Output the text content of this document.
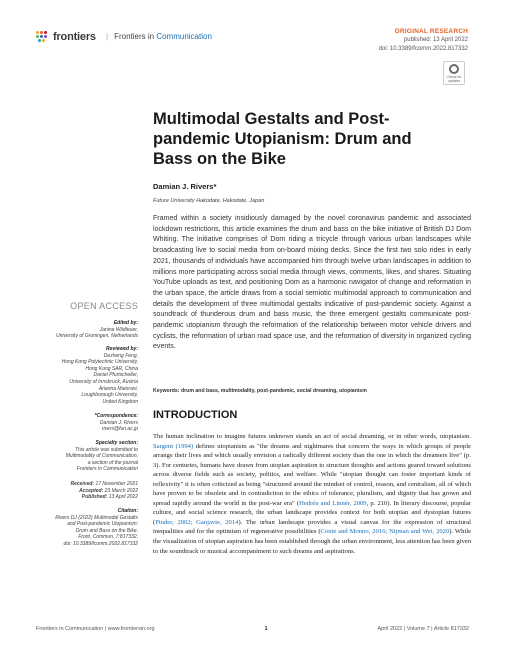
frontiers | Frontiers in Communication
ORIGINAL RESEARCH
published: 13 April 2022
doi: 10.3389/fcomm.2022.817332
Check for updates
Multimodal Gestalts and Post-pandemic Utopianism: Drum and Bass on the Bike
Damian J. Rivers*
Future University Hakodate, Hakodate, Japan
Framed within a society insidiously damaged by the novel coronavirus pandemic and associated lockdown restrictions, this article examines the drum and bass on the bike initiative of British DJ Dom Whiting. The initiative comprises of Dom riding a tricycle through various urban landscapes while broadcasting live to social media from on-board mixing decks. Since the first two solo rides in early 2021, thousands of individuals have accompanied him through twelve urban landscapes in addition to millions more participating across social media through views, comments, likes, and shares. Situating YouTube uploads as text, and positioning Dom as a harmonic navigator of change and reformation in the urban space, the article draws from a social semiotic multimodal approach to communication and details the development of three multimodal gestalts indicative of post-pandemic society. Against a soundtrack of thunderous drum and bass music, the three emergent gestalts communicate post-pandemic utopianism through the reformation of the relationship between motor vehicle drivers and cyclists, the reformation of urban road space use, and the reformation of diversity in organized cycling events.
Keywords: drum and bass, multimodality, post-pandemic, social dreaming, utopianism
INTRODUCTION
The human inclination to imagine futures unknown stands an act of social dreaming, or in other words, utopianism. Sargent (1994) defines utopianism as "the dreams and nightmares that concern the ways in which groups of people arrange their lives and which usually envision a radically different society than the one in which the dreamers live" (p. 3). For centuries, humans have drawn from utopian aspiration to structure thoughts and actions geared toward solutions across diverse fields such as society, politics, and welfare. While "utopian thought can foster important kinds of reflexivity" it is often criticized as being "structured around the mindset of control, reason, and centralism, all of which have proven to be obsolete and in contradiction to the ethics of tolerance, pluralism, and dignity that has grown and spread rapidly around the world in the post-war era" (Hedrén and Linnér, 2009, p. 210). In literary discourse, popular culture, and social science research, the urban landscape provides context for both utopian and dystopian futures (Pinder, 2002; Ganjavie, 2014). The urban landscape provides a visual canvas for the expression of structural inequalities and for the optimism of regenerative possibilities (Conte and Monno, 2016; Nijman and Wei, 2020). While the visualization of utopian aspiration has been established through the urban environment, less attention has been given to the soundtrack or musical accompaniment to such dreams and aspirations.
OPEN ACCESS
Edited by:
Janina Wildfeuer,
University of Groningen, Netherlands
Reviewed by:
Dezheng Feng,
Hong Kong Polytechnic University,
Hong Kong SAR, China
Daniel Pfurtscheller,
University of Innsbruck, Austria
Arianna Maiorani,
Loughborough University,
United Kingdom
*Correspondence:
Damian J. Rivers
rivers@fun.ac.jp
Specialty section:
This article was submitted to
Multimodality of Communication,
a section of the journal
Frontiers in Communication
Received: 17 November 2021
Accepted: 23 March 2022
Published: 13 April 2022
Citation:
Rivers DJ (2022) Multimodal Gestalts
and Post-pandemic Utopianism:
Drum and Bass on the Bike.
Front. Commun. 7:817332.
doi: 10.3389/fcomm.2022.817332
Frontiers in Communication | www.frontiersin.org	1	April 2022 | Volume 7 | Article 817332
